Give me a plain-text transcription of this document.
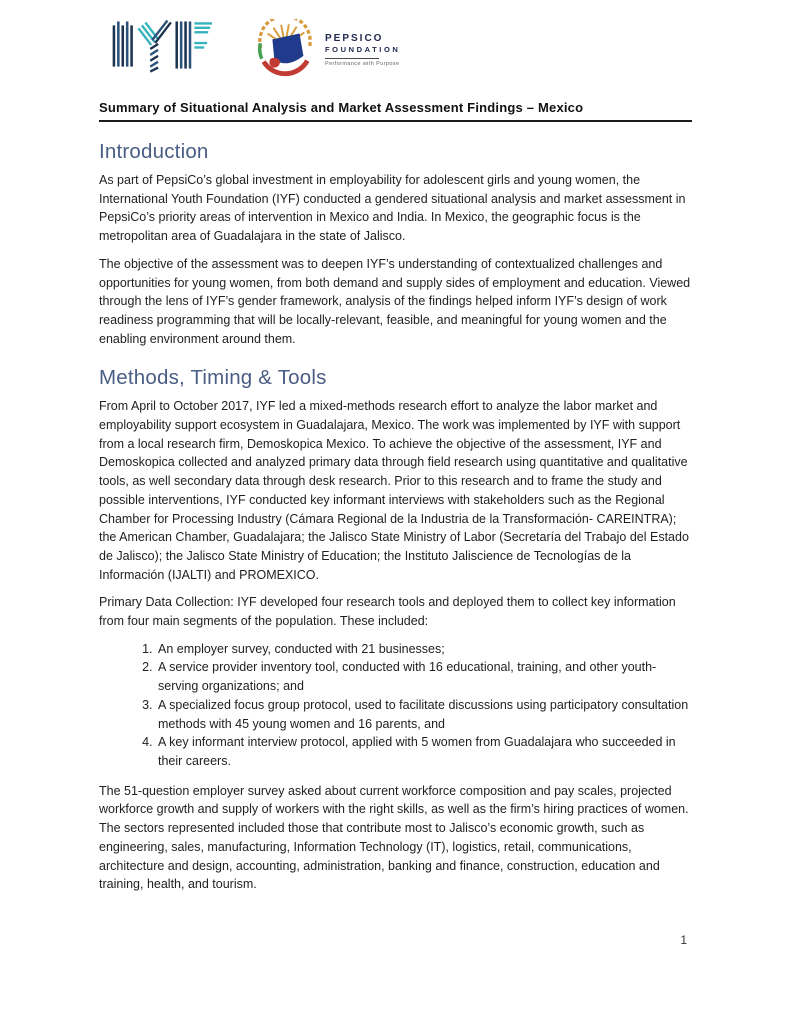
PEPSICO
FOUNDATION
Performance with Purpose
Summary of Situational Analysis and Market Assessment Findings – Mexico
Introduction

As part of PepsiCo’s global investment in employability for adolescent girls and young women, the International Youth Foundation (IYF) conducted a gendered situational analysis and market assessment in PepsiCo’s priority areas of intervention in Mexico and India. In Mexico, the geographic focus is the metropolitan area of Guadalajara in the state of Jalisco.

The objective of the assessment was to deepen IYF’s understanding of contextualized challenges and opportunities for young women, from both demand and supply sides of employment and education. Viewed through the lens of IYF’s gender framework, analysis of the findings helped inform IYF’s design of work readiness programming that will be locally-relevant, feasible, and meaningful for young women and the enabling environment around them.

Methods, Timing & Tools

From April to October 2017, IYF led a mixed-methods research effort to analyze the labor market and employability support ecosystem in Guadalajara, Mexico. The work was implemented by IYF with support from a local research firm, Demoskopica Mexico. To achieve the objective of the assessment, IYF and Demoskopica collected and analyzed primary data through field research using quantitative and qualitative tools, as well secondary data through desk research. Prior to this research and to frame the study and possible interventions, IYF conducted key informant interviews with stakeholders such as the Regional Chamber for Processing Industry (Cámara Regional de la Industria de la Transformación- CAREINTRA); the American Chamber, Guadalajara; the Jalisco State Ministry of Labor (Secretaría del Trabajo del Estado de Jalisco); the Jalisco State Ministry of Education; the Instituto Jaliscience de Tecnologías de la Información (IJALTI) and PROMEXICO.

Primary Data Collection: IYF developed four research tools and deployed them to collect key information from four main segments of the population. These included:

1. An employer survey, conducted with 21 businesses;
2. A service provider inventory tool, conducted with 16 educational, training, and other youth-serving organizations; and
3. A specialized focus group protocol, used to facilitate discussions using participatory consultation methods with 45 young women and 16 parents, and
4. A key informant interview protocol, applied with 5 women from Guadalajara who succeeded in their careers.

The 51-question employer survey asked about current workforce composition and pay scales, projected workforce growth and supply of workers with the right skills, as well as the firm’s hiring practices of women. The sectors represented included those that contribute most to Jalisco’s economic growth, such as engineering, sales, manufacturing, Information Technology (IT), logistics, retail, communications, architecture and design, accounting, administration, banking and finance, construction, education and training, health, and tourism.

1
